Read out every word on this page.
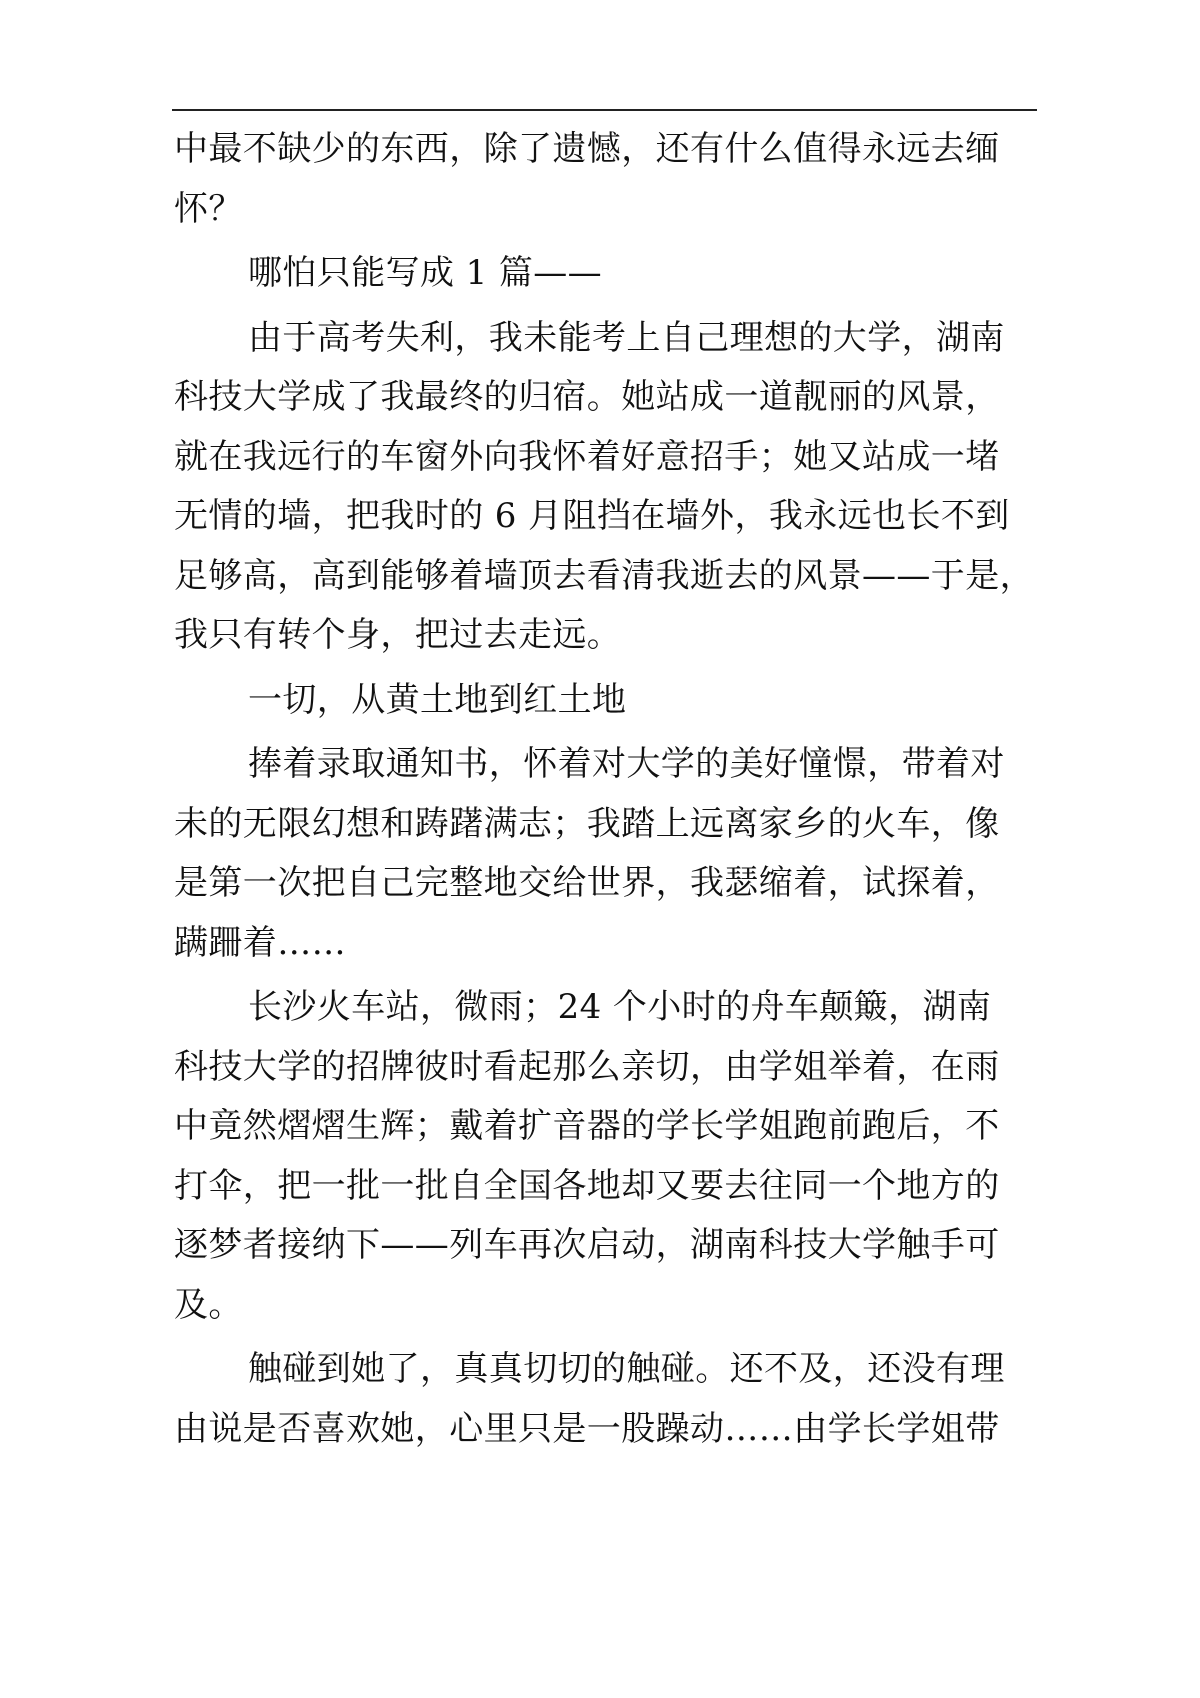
中最不缺少的东西，除了遗憾，还有什么值得永远去缅

怀？

哪怕只能写成 1 篇——

由于高考失利，我未能考上自己理想的大学，湖南

科技大学成了我最终的归宿。她站成一道靓丽的风景，

就在我远行的车窗外向我怀着好意招手；她又站成一堵

无情的墙，把我时的 6 月阻挡在墙外，我永远也长不到

足够高，高到能够着墙顶去看清我逝去的风景——于是，

我只有转个身，把过去走远。

一切，从黄土地到红土地

捧着录取通知书，怀着对大学的美好憧憬，带着对

未的无限幻想和踌躇满志；我踏上远离家乡的火车，像

是第一次把自己完整地交给世界，我瑟缩着，试探着，

蹒跚着……

长沙火车站，微雨；24 个小时的舟车颠簸，湖南

科技大学的招牌彼时看起那么亲切，由学姐举着，在雨

中竟然熠熠生辉；戴着扩音器的学长学姐跑前跑后，不

打伞，把一批一批自全国各地却又要去往同一个地方的

逐梦者接纳下——列车再次启动，湖南科技大学触手可

及。

触碰到她了，真真切切的触碰。还不及，还没有理

由说是否喜欢她，心里只是一股躁动……由学长学姐带
